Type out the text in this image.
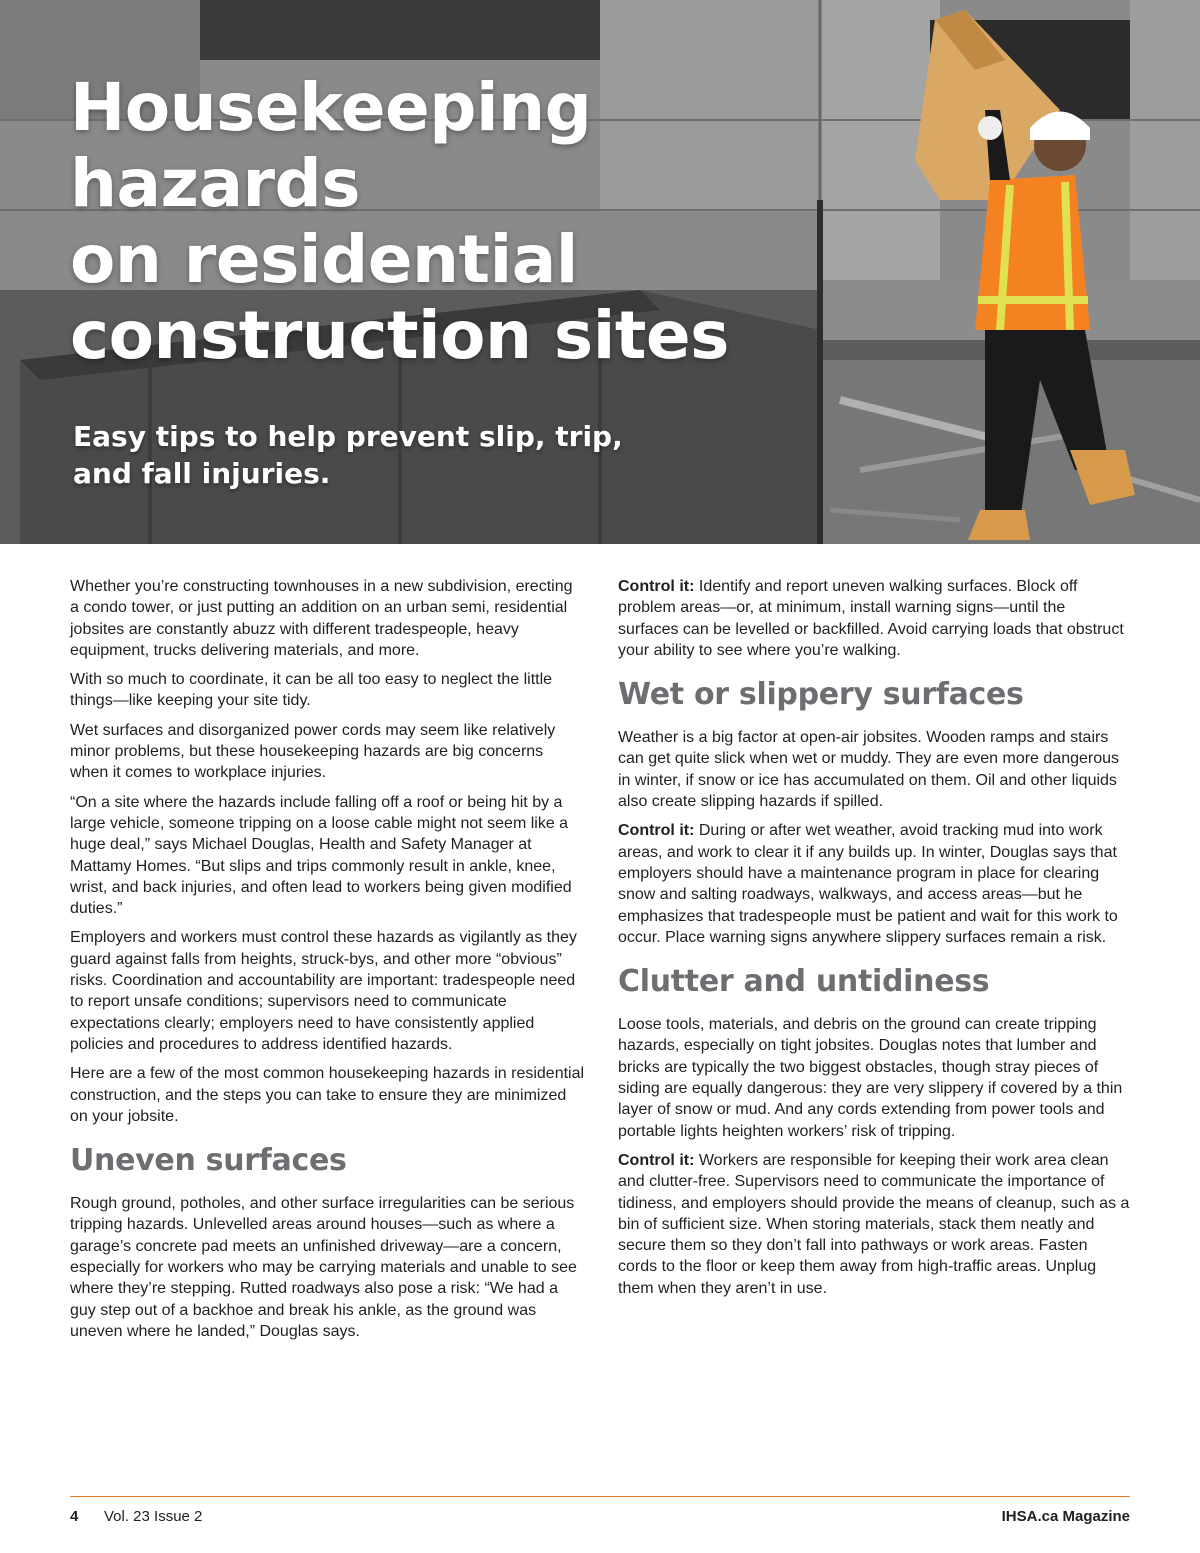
Housekeeping
hazards
on residential
construction sites
Easy tips to help prevent slip, trip,
and fall injuries.

Whether you’re constructing townhouses in a new subdivision, erecting a condo tower, or just putting an addition on an urban semi, residential jobsites are constantly abuzz with different tradespeople, heavy equipment, trucks delivering materials, and more.

With so much to coordinate, it can be all too easy to neglect the little things—like keeping your site tidy.

Wet surfaces and disorganized power cords may seem like relatively minor problems, but these housekeeping hazards are big concerns when it comes to workplace injuries.

“On a site where the hazards include falling off a roof or being hit by a large vehicle, someone tripping on a loose cable might not seem like a huge deal,” says Michael Douglas, Health and Safety Manager at Mattamy Homes. “But slips and trips commonly result in ankle, knee, wrist, and back injuries, and often lead to workers being given modified duties.”

Employers and workers must control these hazards as vigilantly as they guard against falls from heights, struck-bys, and other more “obvious” risks. Coordination and accountability are important: tradespeople need to report unsafe conditions; supervisors need to communicate expectations clearly; employers need to have consistently applied policies and procedures to address identified hazards.

Here are a few of the most common housekeeping hazards in residential construction, and the steps you can take to ensure they are minimized on your jobsite.

Uneven surfaces

Rough ground, potholes, and other surface irregularities can be serious tripping hazards. Unlevelled areas around houses—such as where a garage’s concrete pad meets an unfinished driveway—are a concern, especially for workers who may be carrying materials and unable to see where they’re stepping. Rutted roadways also pose a risk: “We had a guy step out of a backhoe and break his ankle, as the ground was uneven where he landed,” Douglas says.

Control it: Identify and report uneven walking surfaces. Block off problem areas—or, at minimum, install warning signs—until the surfaces can be levelled or backfilled. Avoid carrying loads that obstruct your ability to see where you’re walking.

Wet or slippery surfaces

Weather is a big factor at open-air jobsites. Wooden ramps and stairs can get quite slick when wet or muddy. They are even more dangerous in winter, if snow or ice has accumulated on them. Oil and other liquids also create slipping hazards if spilled.

Control it: During or after wet weather, avoid tracking mud into work areas, and work to clear it if any builds up. In winter, Douglas says that employers should have a maintenance program in place for clearing snow and salting roadways, walkways, and access areas—but he emphasizes that tradespeople must be patient and wait for this work to occur. Place warning signs anywhere slippery surfaces remain a risk.

Clutter and untidiness

Loose tools, materials, and debris on the ground can create tripping hazards, especially on tight jobsites. Douglas notes that lumber and bricks are typically the two biggest obstacles, though stray pieces of siding are equally dangerous: they are very slippery if covered by a thin layer of snow or mud. And any cords extending from power tools and portable lights heighten workers’ risk of tripping.

Control it: Workers are responsible for keeping their work area clean and clutter-free. Supervisors need to communicate the importance of tidiness, and employers should provide the means of cleanup, such as a bin of sufficient size. When storing materials, stack them neatly and secure them so they don’t fall into pathways or work areas. Fasten cords to the floor or keep them away from high-traffic areas. Unplug them when they aren’t in use.

4 Vol. 23 Issue 2	IHSA.ca Magazine
